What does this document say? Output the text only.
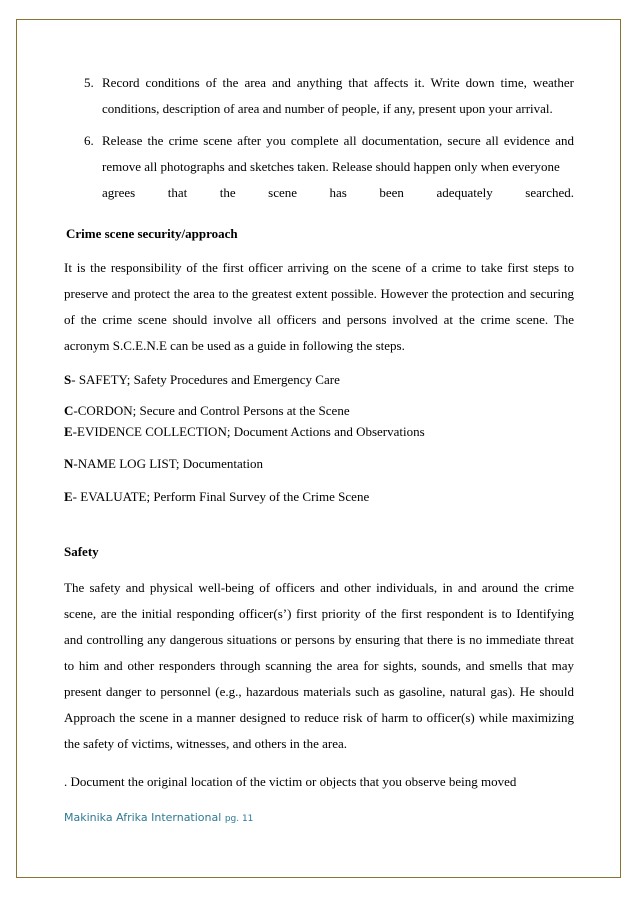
5. Record conditions of the area and anything that affects it. Write down time, weather conditions, description of area and number of people, if any, present upon your arrival.
6. Release the crime scene after you complete all documentation, secure all evidence and remove all photographs and sketches taken. Release should happen only when everyone
agrees that the scene has been adequately searched.

Crime scene security/approach

It is the responsibility of the first officer arriving on the scene of a crime to take first steps to preserve and protect the area to the greatest extent possible. However the protection and securing of the crime scene should involve all officers and persons involved at the crime scene. The acronym S.C.E.N.E can be used as a guide in following the steps.

S- SAFETY; Safety Procedures and Emergency Care

C-CORDON; Secure and Control Persons at the Scene

E-EVIDENCE COLLECTION; Document Actions and Observations

N-NAME LOG LIST; Documentation

E- EVALUATE; Perform Final Survey of the Crime Scene

Safety

The safety and physical well-being of officers and other individuals, in and around the crime scene, are the initial responding officer(s’) first priority of the first respondent is to Identifying and controlling any dangerous situations or persons by ensuring that there is no immediate threat to him and other responders through scanning the area for sights, sounds, and smells that may present danger to personnel (e.g., hazardous materials such as gasoline, natural gas). He should Approach the scene in a manner designed to reduce risk of harm to officer(s) while maximizing the safety of victims, witnesses, and others in the area.

. Document the original location of the victim or objects that you observe being moved

Makinika Afrika International pg. 11
